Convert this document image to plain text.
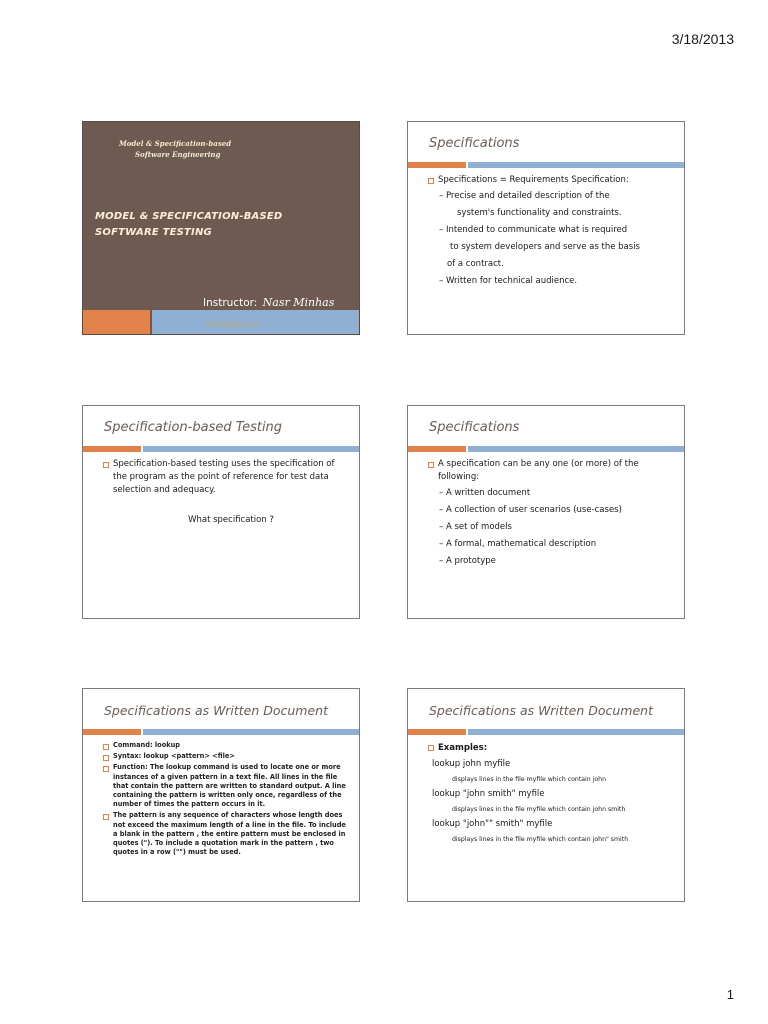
3/18/2013
Model & Specification-based
Software Engineering
MODEL & SPECIFICATION-BASED SOFTWARE TESTING
Instructor: Nasr Minhas
nminhas@uwo.ca
Specifications
Specifications = Requirements Specification:
– Precise and detailed description of the
system's functionality and constraints.
– Intended to communicate what is required
to system developers and serve as the basis
of a contract.
– Written for technical audience.
Specification-based Testing
Specification-based testing uses the specification of the program as the point of reference for test data selection and adequacy.
What specification ?
Specifications
A specification can be any one (or more) of the following:
– A written document
– A collection of user scenarios (use-cases)
– A set of models
– A formal, mathematical description
– A prototype
Specifications as Written Document
Command: lookup
Syntax: lookup <pattern> <file>
Function: The lookup command is used to locate one or more instances of a given pattern in a text file. All lines in the file that contain the pattern are written to standard output. A line containing the pattern is written only once, regardless of the number of times the pattern occurs in it.
The pattern is any sequence of characters whose length does not exceed the maximum length of a line in the file. To include a blank in the pattern , the entire pattern must be enclosed in quotes ("). To include a quotation mark in the pattern , two quotes in a row ("") must be used.
Specifications as Written Document
Examples:
lookup john myfile
displays lines in the file myfile which contain john
lookup "john smith" myfile
displays lines in the file myfile which contain john smith
lookup "john"" smith" myfile
displays lines in the file myfile which contain john" smith
1
